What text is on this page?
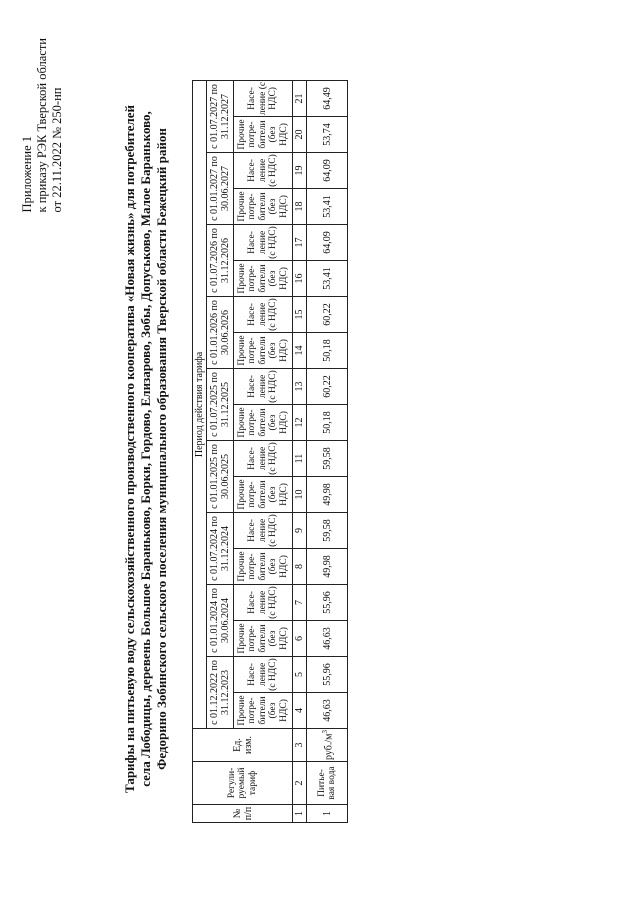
Приложение 1 к приказу РЭК Тверской области от 22.11.2022 № 250-нп	Тарифы на питьевую воду сельскохозяйственного производственного кооператива «Новая жизнь» для потребителей села Лободицы, деревень Большое Бараньково, Борки, Гордово, Елизарово, Зобы, Допуськово, Малое Бараньково, Федорино Зобинского сельского поселения муниципального образования Тверской области Бежецкий район
№ п/п	Регули-руемый тариф	Ед. изм.	Период действия тарифа																	
			с 01.12.2022 по 31.12.2023		с 01.01.2024 по 30.06.2024		с 01.07.2024 по 31.12.2024		с 01.01.2025 по 30.06.2025		с 01.07.2025 по 31.12.2025		с 01.01.2026 по 30.06.2026		с 01.07.2026 по 31.12.2026		с 01.01.2027 по 30.06.2027		с 01.07.2027 по 31.12.2027	
			Прочие потре-бители (без НДС)	Насе-ление (с НДС)	Прочие потре-бители (без НДС)	Насе-ление (с НДС)	Прочие потре-бители (без НДС)	Насе-ление (с НДС)	Прочие потре-бители (без НДС)	Насе-ление (с НДС)	Прочие потре-бители (без НДС)	Насе-ление (с НДС)	Прочие потре-бители (без НДС)	Насе-ление (с НДС)	Прочие потре-бители (без НДС)	Насе-ление (с НДС)	Прочие потре-бители (без НДС)	Насе-ление (с НДС)	Прочие потре-бители (без НДС)	Насе-ление (с НДС)
1	2	3	4	5	6	7	8	9	10	11	12	13	14	15	16	17	18	19	20	21
1	Питье-вая вода	$руб./м^3$	46,63	55,96	46,63	55,96	49,98	59,58	49,98	59,58	50,18	60,22	50,18	60,22	53,41	64,09	53,41	64,09	53,74	64,49
